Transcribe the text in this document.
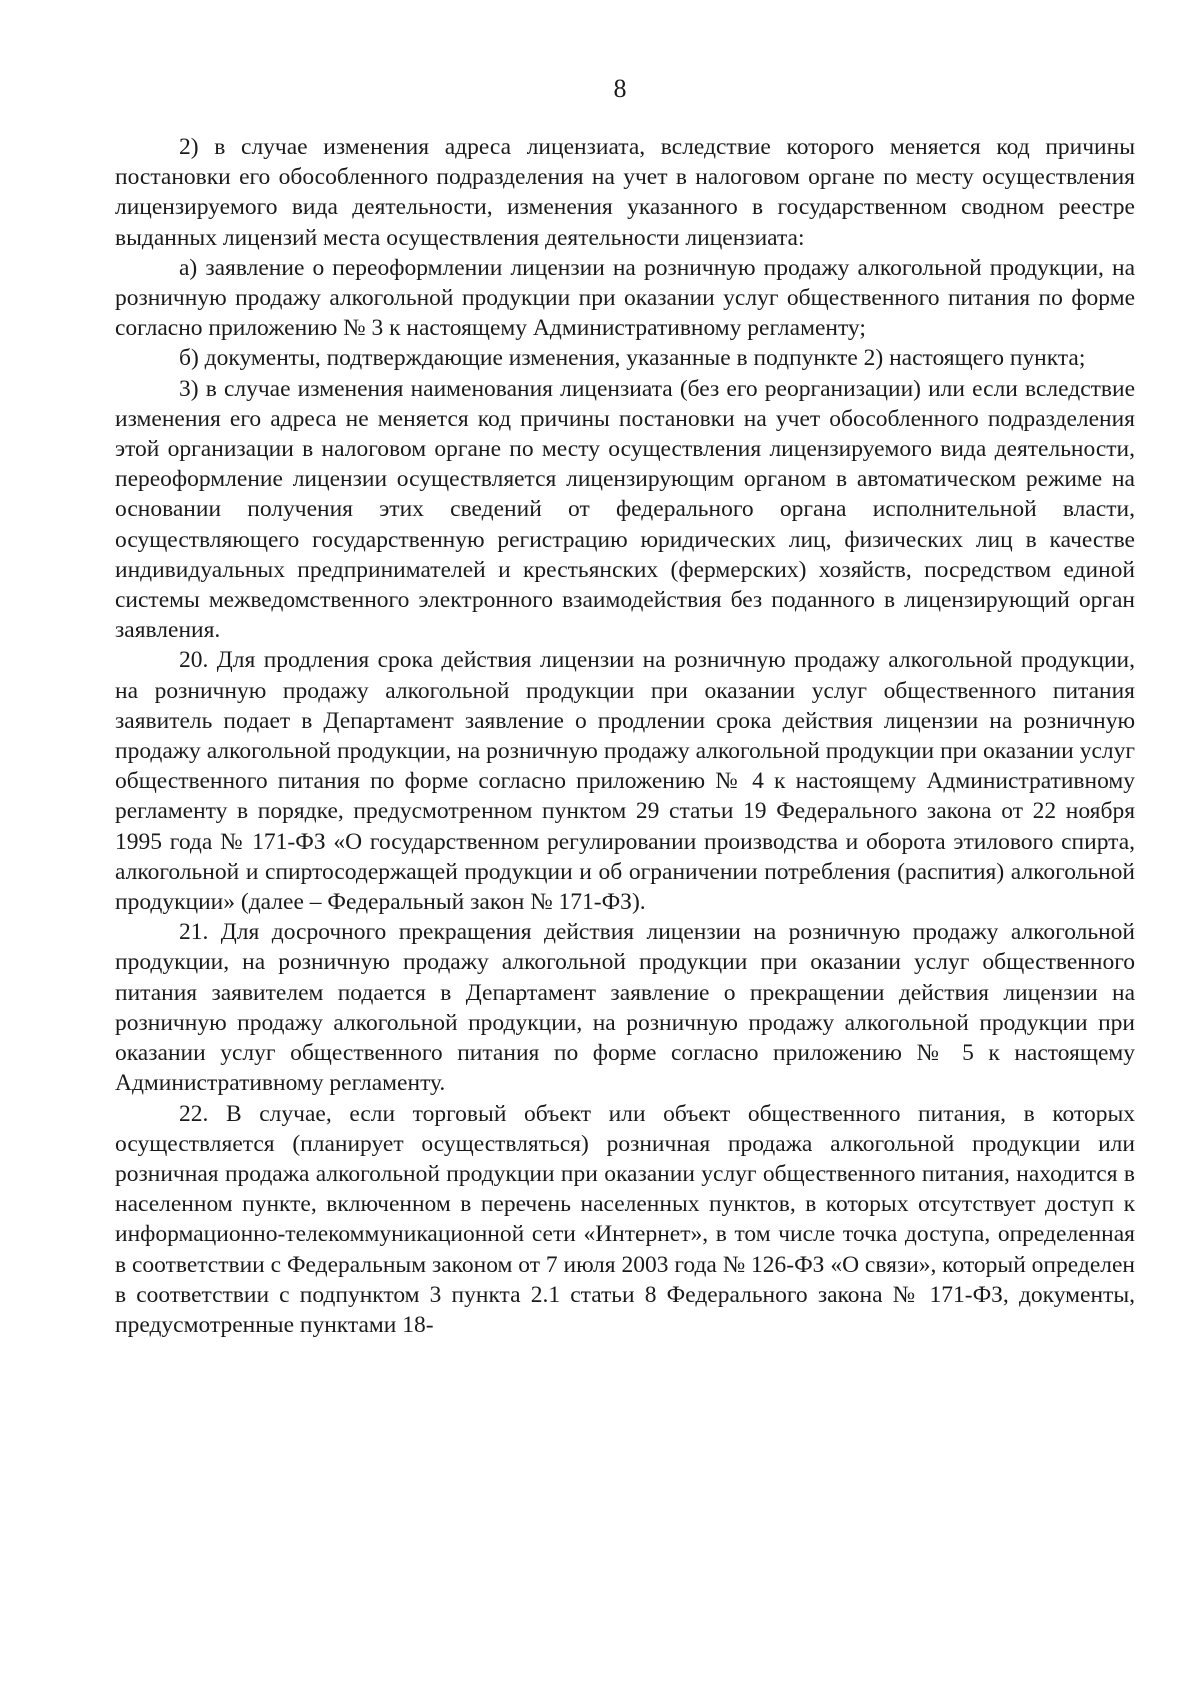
8

2) в случае изменения адреса лицензиата, вследствие которого меняется код причины постановки его обособленного подразделения на учет в налоговом органе по месту осуществления лицензируемого вида деятельности, изменения указанного в государственном сводном реестре выданных лицензий места осуществления деятельности лицензиата:

а) заявление о переоформлении лицензии на розничную продажу алкогольной продукции, на розничную продажу алкогольной продукции при оказании услуг общественного питания по форме согласно приложению № 3 к настоящему Административному регламенту;

б) документы, подтверждающие изменения, указанные в подпункте 2) настоящего пункта;

3) в случае изменения наименования лицензиата (без его реорганизации) или если вследствие изменения его адреса не меняется код причины постановки на учет обособленного подразделения этой организации в налоговом органе по месту осуществления лицензируемого вида деятельности, переоформление лицензии осуществляется лицензирующим органом в автоматическом режиме на основании получения этих сведений от федерального органа исполнительной власти, осуществляющего государственную регистрацию юридических лиц, физических лиц в качестве индивидуальных предпринимателей и крестьянских (фермерских) хозяйств, посредством единой системы межведомственного электронного взаимодействия без поданного в лицензирующий орган заявления.

20. Для продления срока действия лицензии на розничную продажу алкогольной продукции, на розничную продажу алкогольной продукции при оказании услуг общественного питания заявитель подает в Департамент заявление о продлении срока действия лицензии на розничную продажу алкогольной продукции, на розничную продажу алкогольной продукции при оказании услуг общественного питания по форме согласно приложению № 4 к настоящему Административному регламенту в порядке, предусмотренном пунктом 29 статьи 19 Федерального закона от 22 ноября 1995 года № 171-ФЗ «О государственном регулировании производства и оборота этилового спирта, алкогольной и спиртосодержащей продукции и об ограничении потребления (распития) алкогольной продукции» (далее – Федеральный закон № 171-ФЗ).

21. Для досрочного прекращения действия лицензии на розничную продажу алкогольной продукции, на розничную продажу алкогольной продукции при оказании услуг общественного питания заявителем подается в Департамент заявление о прекращении действия лицензии на розничную продажу алкогольной продукции, на розничную продажу алкогольной продукции при оказании услуг общественного питания по форме согласно приложению № 5 к настоящему Административному регламенту.

22. В случае, если торговый объект или объект общественного питания, в которых осуществляется (планирует осуществляться) розничная продажа алкогольной продукции или розничная продажа алкогольной продукции при оказании услуг общественного питания, находится в населенном пункте, включенном в перечень населенных пунктов, в которых отсутствует доступ к информационно-телекоммуникационной сети «Интернет», в том числе точка доступа, определенная в соответствии с Федеральным законом от 7 июля 2003 года № 126-ФЗ «О связи», который определен в соответствии с подпунктом 3 пункта 2.1 статьи 8 Федерального закона № 171-ФЗ, документы, предусмотренные пунктами 18-
